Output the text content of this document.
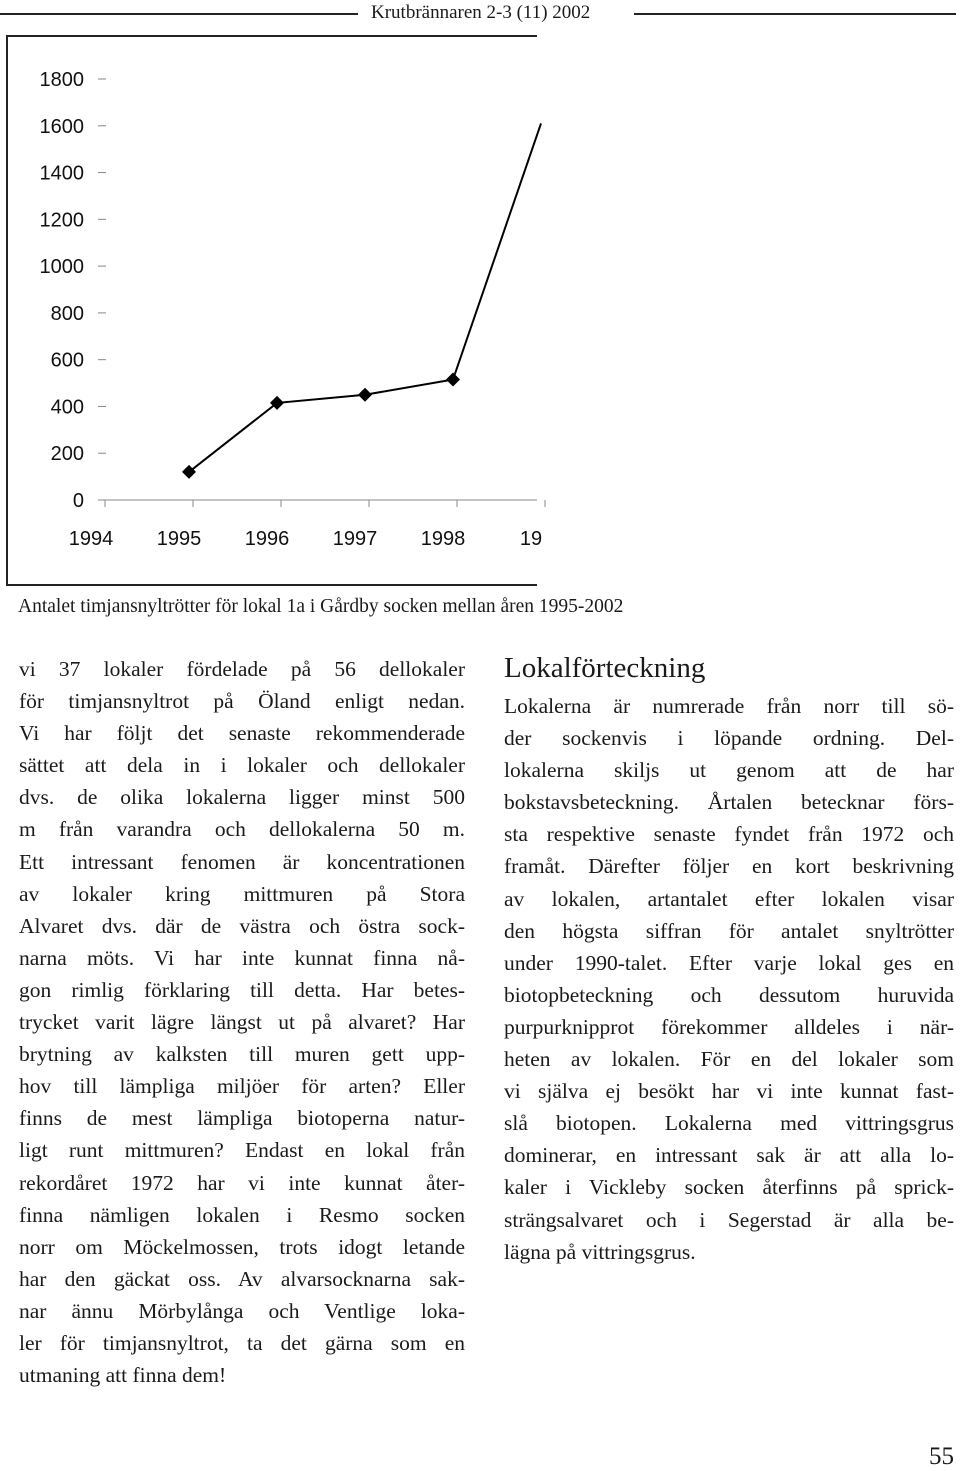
Krutbrännaren 2-3 (11) 2002
0
200
400
600
800
1000
1200
1400
1600
1800
1994 1995 1996 1997 1998	19
Antalet timjansnyltrötter för lokal 1a i Gårdby socken mellan åren 1995-2002
vi 37 lokaler fördelade på 56 dellokaler
för timjansnyltrot på Öland enligt nedan.
Vi har följt det senaste rekommenderade
sättet att dela in i lokaler och dellokaler
dvs. de olika lokalerna ligger minst 500
m från varandra och dellokalerna 50 m.
Ett intressant fenomen är koncentrationen
av lokaler kring mittmuren på Stora
Alvaret dvs. där de västra och östra sock-
narna möts. Vi har inte kunnat finna nå-
gon rimlig förklaring till detta. Har betes-
trycket varit lägre längst ut på alvaret? Har
brytning av kalksten till muren gett upp-
hov till lämpliga miljöer för arten? Eller
finns de mest lämpliga biotoperna natur-
ligt runt mittmuren? Endast en lokal från
rekordåret 1972 har vi inte kunnat åter-
finna nämligen lokalen i Resmo socken
norr om Möckelmossen, trots idogt letande
har den gäckat oss. Av alvarsocknarna sak-
nar ännu Mörbylånga och Ventlige loka-
ler för timjansnyltrot, ta det gärna som en
utmaning att finna dem!
Lokalförteckning
Lokalerna är numrerade från norr till sö-
der sockenvis i löpande ordning. Del-
lokalerna skiljs ut genom att de har
bokstavsbeteckning. Årtalen betecknar förs-
sta respektive senaste fyndet från 1972 och
framåt. Därefter följer en kort beskrivning
av lokalen, artantalet efter lokalen visar
den högsta siffran för antalet snyltrötter
under 1990-talet. Efter varje lokal ges en
biotopbeteckning och dessutom huruvida
purpurknipprot förekommer alldeles i när-
heten av lokalen. För en del lokaler som
vi själva ej besökt har vi inte kunnat fast-
slå biotopen. Lokalerna med vittringsgrus
dominerar, en intressant sak är att alla lo-
kaler i Vickleby socken återfinns på sprick-
strängsalvaret och i Segerstad är alla be-
lägna på vittringsgrus.
55
